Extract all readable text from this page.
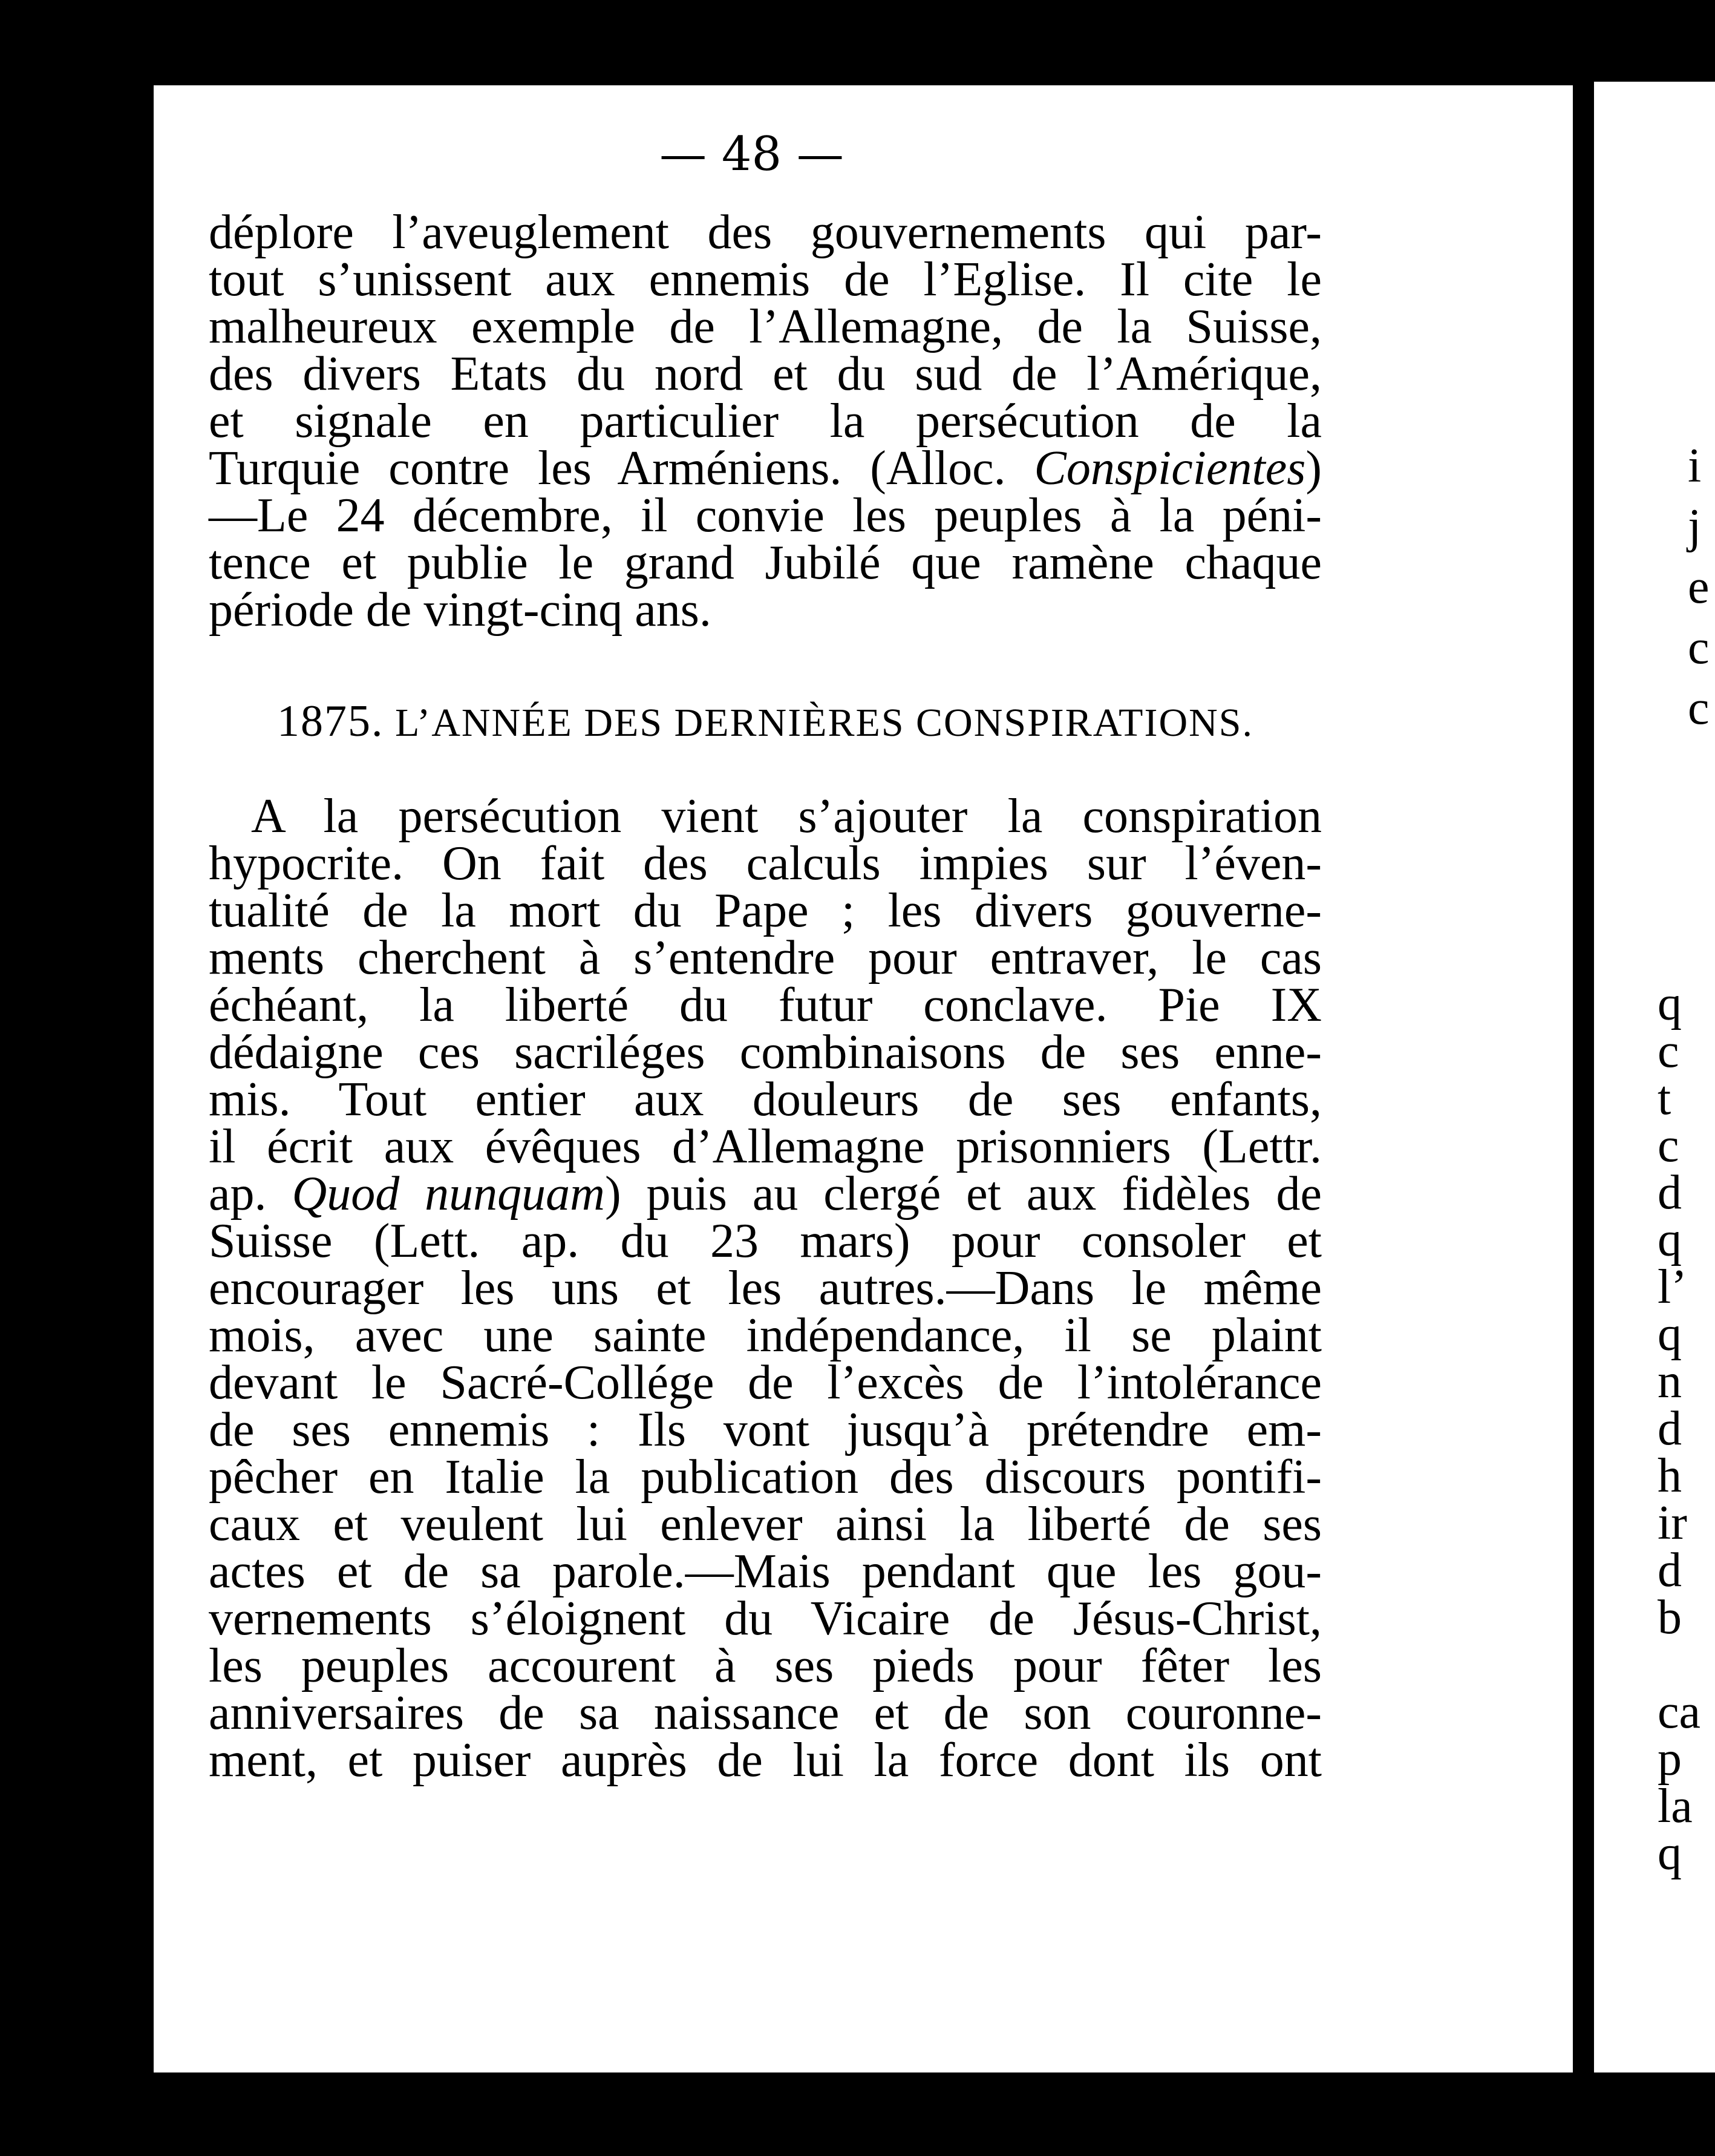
— 48 —
déplore l’aveuglement des gouvernements qui par-
tout s’unissent aux ennemis de l’Eglise. Il cite le
malheureux exemple de l’Allemagne, de la Suisse,
des divers Etats du nord et du sud de l’Amérique,
et signale en particulier la persécution de la
Turquie contre les Arméniens. (Alloc. Conspicientes)
—Le 24 décembre, il convie les peuples à la péni-
tence et publie le grand Jubilé que ramène chaque
période de vingt-cinq ans.
1875. L’ANNÉE DES DERNIÈRES CONSPIRATIONS.
A la persécution vient s’ajouter la conspiration
hypocrite. On fait des calculs impies sur l’éven-
tualité de la mort du Pape ; les divers gouverne-
ments cherchent à s’entendre pour entraver, le cas
échéant, la liberté du futur conclave. Pie IX
dédaigne ces sacriléges combinaisons de ses enne-
mis. Tout entier aux douleurs de ses enfants,
il écrit aux évêques d’Allemagne prisonniers (Lettr.
ap. Quod nunquam) puis au clergé et aux fidèles de
Suisse (Lett. ap. du 23 mars) pour consoler et
encourager les uns et les autres.—Dans le même
mois, avec une sainte indépendance, il se plaint
devant le Sacré-Collége de l’excès de l’intolérance
de ses ennemis : Ils vont jusqu’à prétendre em-
pêcher en Italie la publication des discours pontifi-
caux et veulent lui enlever ainsi la liberté de ses
actes et de sa parole.—Mais pendant que les gou-
vernements s’éloignent du Vicaire de Jésus-Christ,
les peuples accourent à ses pieds pour fêter les
anniversaires de sa naissance et de son couronne-
ment, et puiser auprès de lui la force dont ils ont
i
j
e
c
c
q
c
t
c
d
q
l’
q
n
d
h
ir
d
b

ca
p
la
q
